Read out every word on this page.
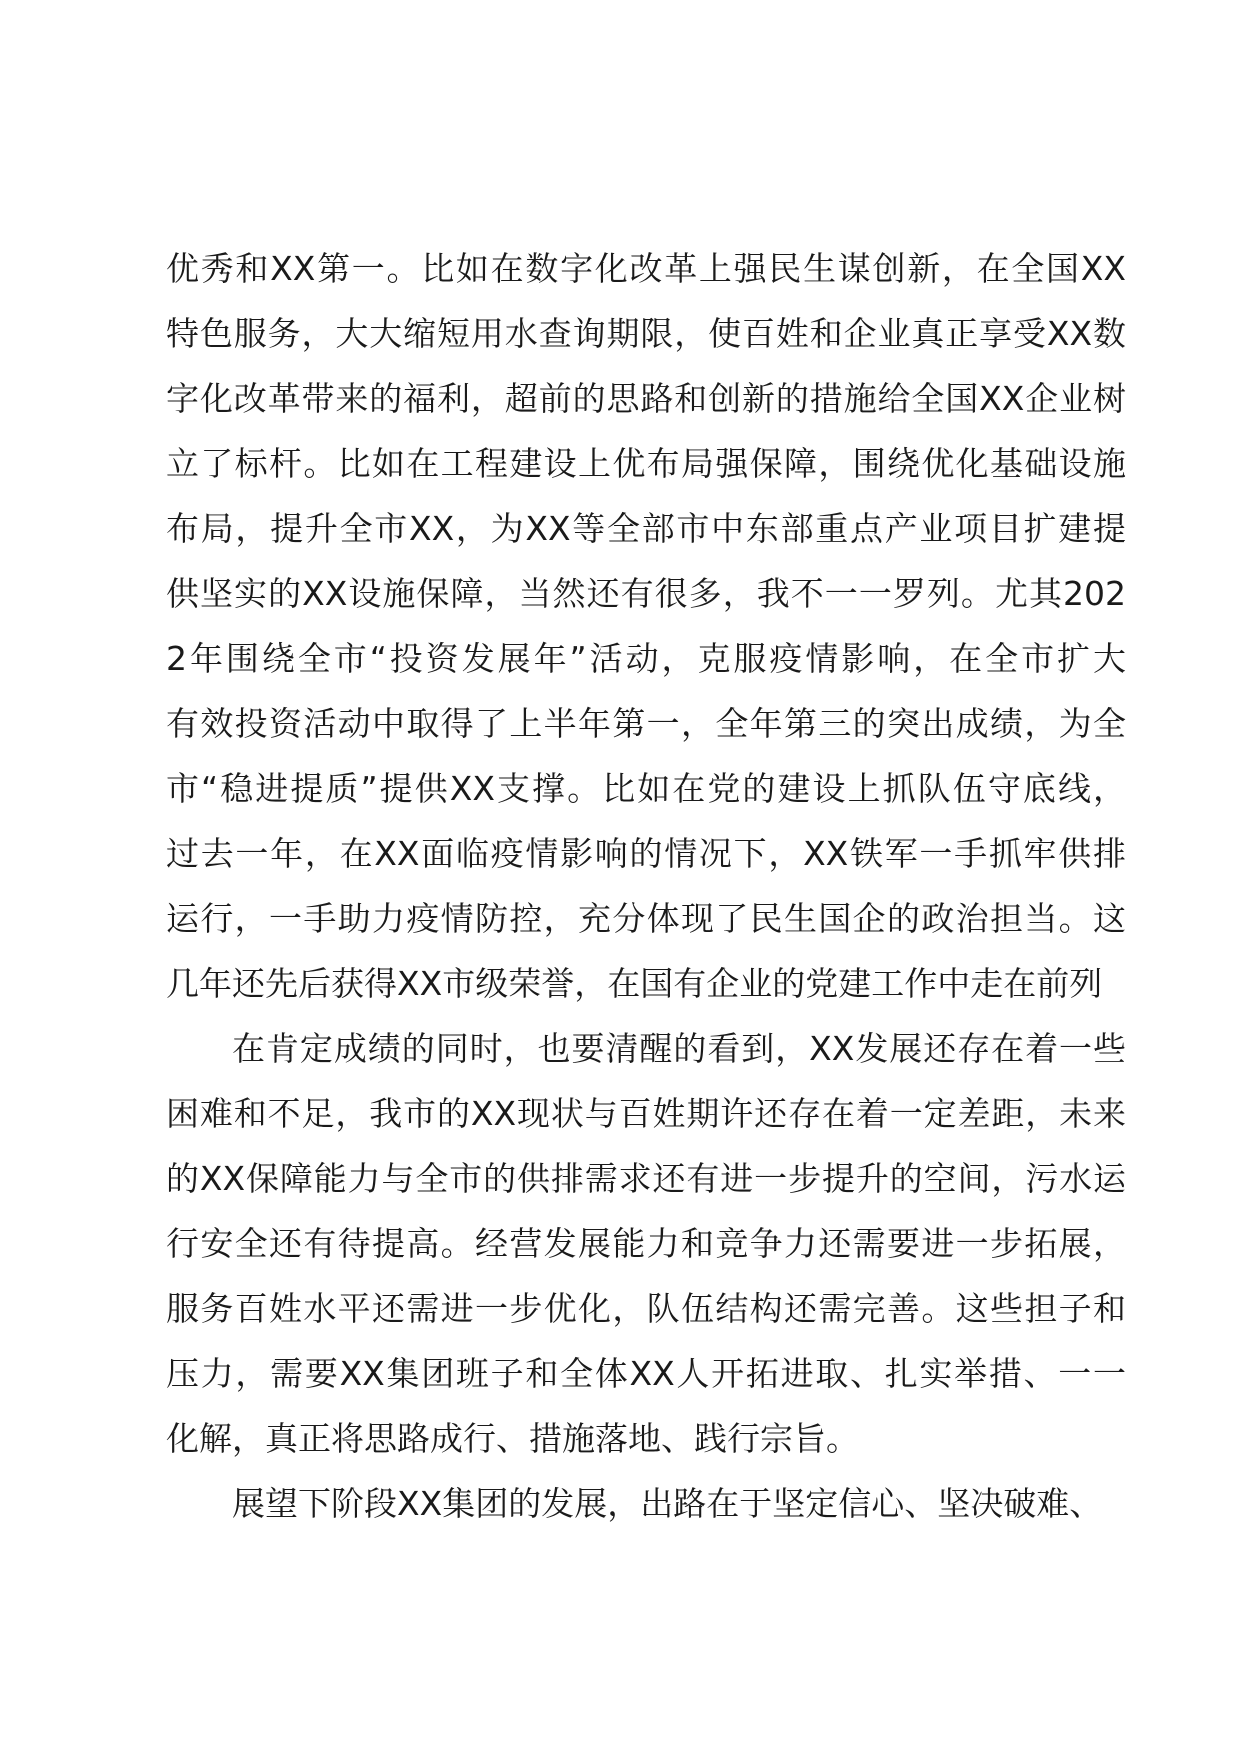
优秀和XX第一。比如在数字化改革上强民生谋创新，在全国XX
特色服务，大大缩短用水查询期限，使百姓和企业真正享受XX数
字化改革带来的福利，超前的思路和创新的措施给全国XX企业树
立了标杆。比如在工程建设上优布局强保障，围绕优化基础设施
布局，提升全市XX，为XX等全部市中东部重点产业项目扩建提
供坚实的XX设施保障，当然还有很多，我不一一罗列。尤其202
2年围绕全市“投资发展年”活动，克服疫情影响，在全市扩大
有效投资活动中取得了上半年第一，全年第三的突出成绩，为全
市“稳进提质”提供XX支撑。比如在党的建设上抓队伍守底线，
过去一年，在XX面临疫情影响的情况下，XX铁军一手抓牢供排
运行，一手助力疫情防控，充分体现了民生国企的政治担当。这
几年还先后获得XX市级荣誉，在国有企业的党建工作中走在前列
在肯定成绩的同时，也要清醒的看到，XX发展还存在着一些
困难和不足，我市的XX现状与百姓期许还存在着一定差距，未来
的XX保障能力与全市的供排需求还有进一步提升的空间，污水运
行安全还有待提高。经营发展能力和竞争力还需要进一步拓展，
服务百姓水平还需进一步优化，队伍结构还需完善。这些担子和
压力，需要XX集团班子和全体XX人开拓进取、扎实举措、一一
化解，真正将思路成行、措施落地、践行宗旨。
展望下阶段XX集团的发展，出路在于坚定信心、坚决破难、
